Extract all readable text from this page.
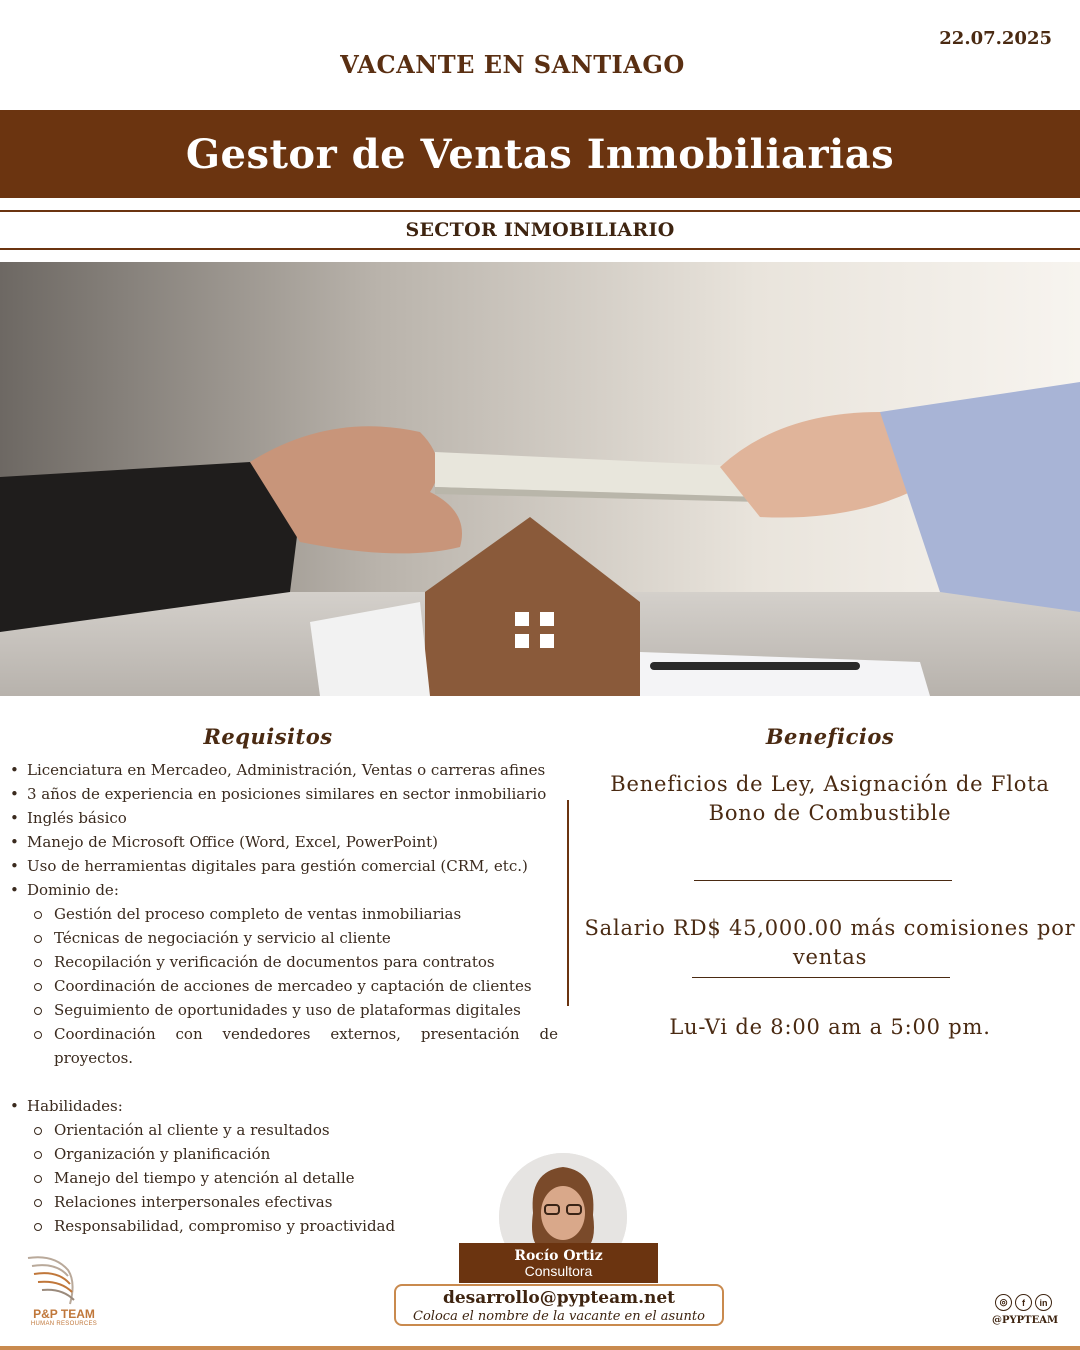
22.07.2025
VACANTE EN SANTIAGO
Gestor de Ventas Inmobiliarias
SECTOR INMOBILIARIO
Requisitos	Beneficios
• Licenciatura en Mercadeo, Administración, Ventas o carreras afines
• 3 años de experiencia en posiciones similares en sector inmobiliario
• Inglés básico
• Manejo de Microsoft Office (Word, Excel, PowerPoint)
• Uso de herramientas digitales para gestión comercial (CRM, etc.)
• Dominio de:
Gestión del proceso completo de ventas inmobiliarias
Técnicas de negociación y servicio al cliente
Recopilación y verificación de documentos para contratos
Coordinación de acciones de mercadeo y captación de clientes
Seguimiento de oportunidades y uso de plataformas digitales
Coordinación con vendedores externos, presentación de proyectos.
• Habilidades:
Orientación al cliente y a resultados
Organización y planificación
Manejo del tiempo y atención al detalle
Relaciones interpersonales efectivas
Responsabilidad, compromiso y proactividad
Beneficios de Ley, Asignación de Flota
Bono de Combustible
Salario RD$ 45,000.00 más comisiones por ventas
Lu-Vi de 8:00 am a 5:00 pm.
Rocío Ortiz
Consultora
desarrollo@pypteam.net
Coloca el nombre de la vacante en el asunto
P&P TEAM
HUMAN RESOURCES
◎	f	in
@PYPTEAM
